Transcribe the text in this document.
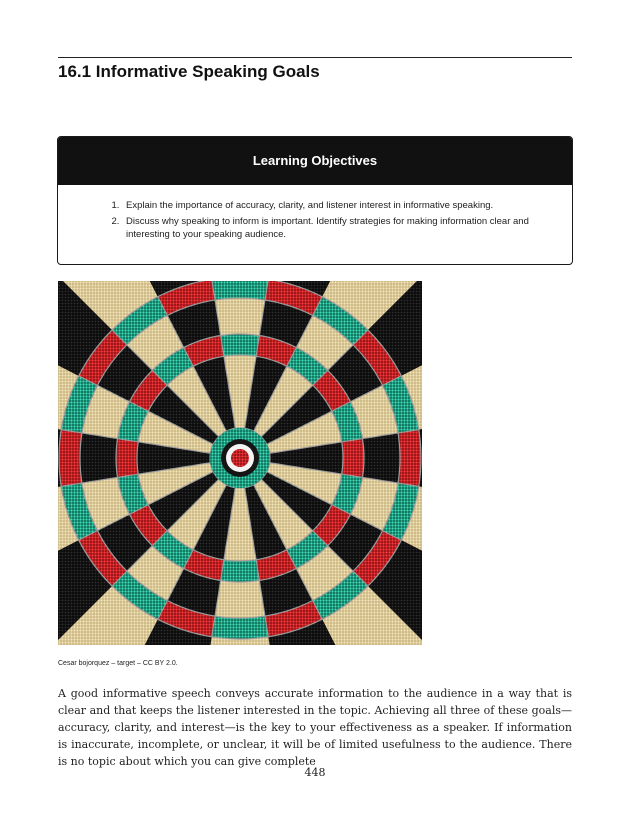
16.1 Informative Speaking Goals
Learning Objectives
1. Explain the importance of accuracy, clarity, and listener interest in informative speaking.
2. Discuss why speaking to inform is important. Identify strategies for making information clear and interesting to your speaking audience.

Cesar bojorquez – target – CC BY 2.0.

A good informative speech conveys accurate information to the audience in a way that is clear and that keeps the listener interested in the topic. Achieving all three of these goals—accuracy, clarity, and interest—is the key to your effectiveness as a speaker. If information is inaccurate, incomplete, or unclear, it will be of limited usefulness to the audience. There is no topic about which you can give complete

448
